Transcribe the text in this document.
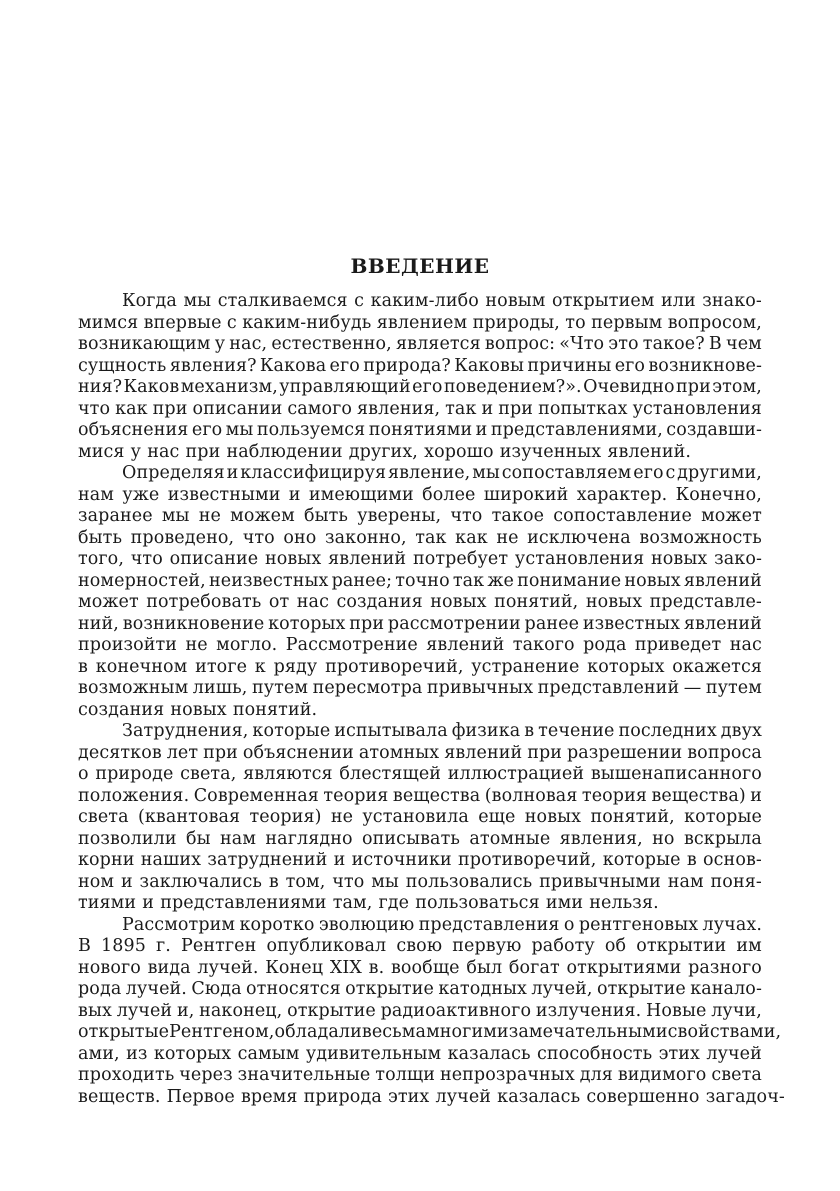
ВВЕДЕНИЕ
Когда мы сталкиваемся с каким-либо новым открытием или знако-
мимся впервые с каким-нибудь явлением природы, то первым вопросом,
возникающим у нас, естественно, является вопрос: «Что это такое? В чем
сущность явления? Какова его природа? Каковы причины его возникнове-
ния? Каков механизм, управляющий его поведением?». Очевидно при этом,
что как при описании самого явления, так и при попытках установления
объяснения его мы пользуемся понятиями и представлениями, создавши-
мися у нас при наблюдении других, хорошо изученных явлений.
Определяя и классифицируя явление, мы сопоставляем его с другими,
нам уже известными и имеющими более широкий характер. Конечно,
заранее мы не можем быть уверены, что такое сопоставление может
быть проведено, что оно законно, так как не исключена возможность
того, что описание новых явлений потребует установления новых зако-
номерностей, неизвестных ранее; точно так же понимание новых явлений
может потребовать от нас создания новых понятий, новых представле-
ний, возникновение которых при рассмотрении ранее известных явлений
произойти не могло. Рассмотрение явлений такого рода приведет нас
в конечном итоге к ряду противоречий, устранение которых окажется
возможным лишь, путем пересмотра привычных представлений — путем
создания новых понятий.
Затруднения, которые испытывала физика в течение последних двух
десятков лет при объяснении атомных явлений при разрешении вопроса
о природе света, являются блестящей иллюстрацией вышенаписанного
положения. Современная теория вещества (волновая теория вещества) и
света (квантовая теория) не установила еще новых понятий, которые
позволили бы нам наглядно описывать атомные явления, но вскрыла
корни наших затруднений и источники противоречий, которые в основ-
ном и заключались в том, что мы пользовались привычными нам поня-
тиями и представлениями там, где пользоваться ими нельзя.
Рассмотрим коротко эволюцию представления о рентгеновых лучах.
В 1895 г. Рентген опубликовал свою первую работу об открытии им
нового вида лучей. Конец XIX в. вообще был богат открытиями разного
рода лучей. Сюда относятся открытие катодных лучей, открытие канало-
вых лучей и, наконец, открытие радиоактивного излучения. Новые лучи,
открытые Рентгеном, обладали весьма многими замечательными свойствами,
ами, из которых самым удивительным казалась способность этих лучей
проходить через значительные толщи непрозрачных для видимого света
веществ. Первое время природа этих лучей казалась совершенно загадоч-
